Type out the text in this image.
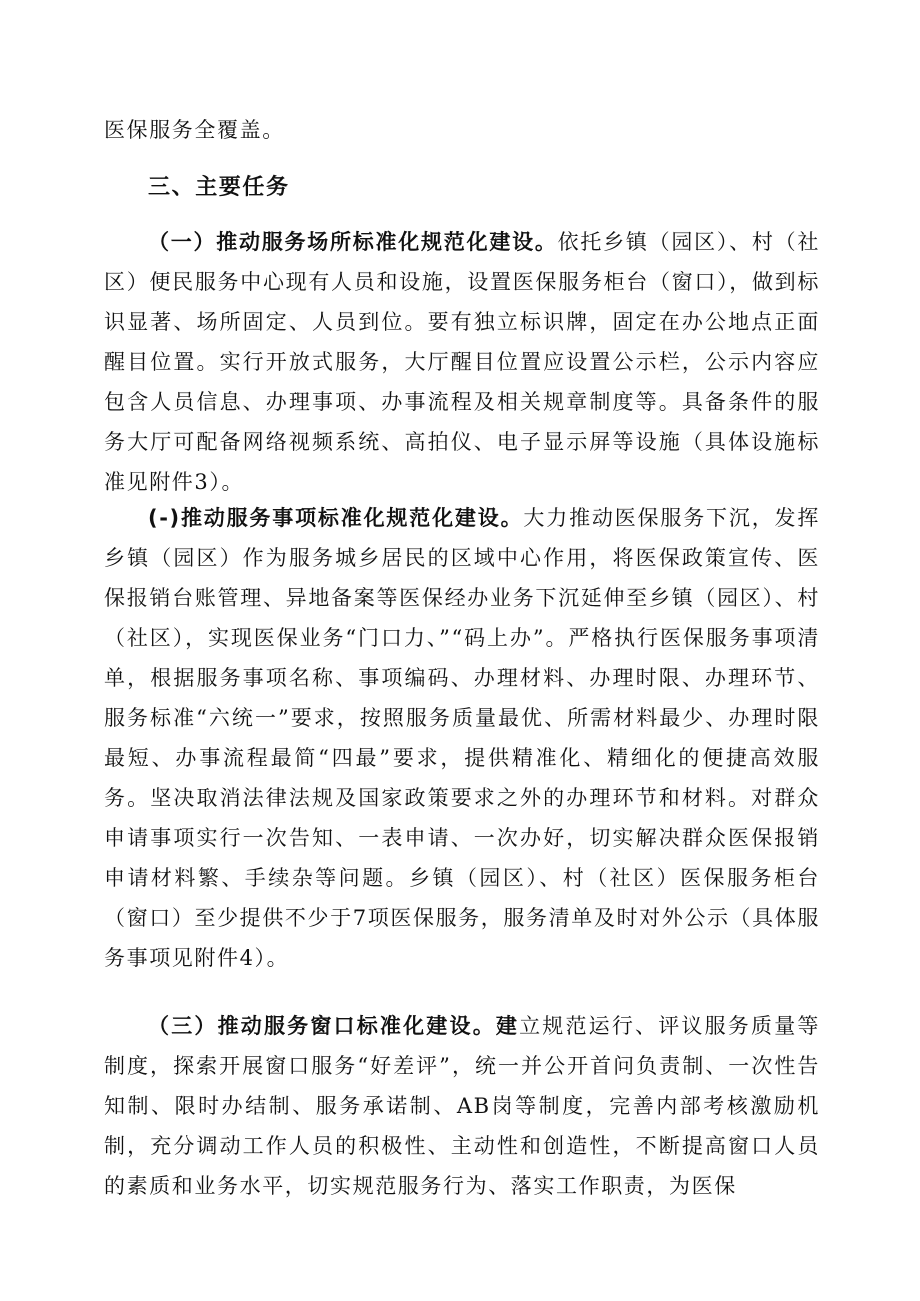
医保服务全覆盖。
三、主要任务
（一）推动服务场所标准化规范化建设。依托乡镇（园区）、村（社区）便民服务中心现有人员和设施，设置医保服务柜台（窗口），做到标识显著、场所固定、人员到位。要有独立标识牌，固定在办公地点正面醒目位置。实行开放式服务，大厅醒目位置应设置公示栏，公示内容应包含人员信息、办理事项、办事流程及相关规章制度等。具备条件的服务大厅可配备网络视频系统、高拍仪、电子显示屏等设施（具体设施标准见附件3）。
(-)推动服务事项标准化规范化建设。大力推动医保服务下沉，发挥乡镇（园区）作为服务城乡居民的区域中心作用，将医保政策宣传、医保报销台账管理、异地备案等医保经办业务下沉延伸至乡镇（园区）、村（社区），实现医保业务“门口力、”“码上办”。严格执行医保服务事项清单，根据服务事项名称、事项编码、办理材料、办理时限、办理环节、服务标准“六统一”要求，按照服务质量最优、所需材料最少、办理时限最短、办事流程最简“四最”要求，提供精准化、精细化的便捷高效服务。坚决取消法律法规及国家政策要求之外的办理环节和材料。对群众申请事项实行一次告知、一表申请、一次办好，切实解决群众医保报销申请材料繁、手续杂等问题。乡镇（园区）、村（社区）医保服务柜台（窗口）至少提供不少于7项医保服务，服务清单及时对外公示（具体服务事项见附件4）。
（三）推动服务窗口标准化建设。建立规范运行、评议服务质量等制度，探索开展窗口服务“好差评”，统一并公开首问负责制、一次性告知制、限时办结制、服务承诺制、AB岗等制度，完善内部考核激励机制，充分调动工作人员的积极性、主动性和创造性，不断提高窗口人员的素质和业务水平，切实规范服务行为、落实工作职责，为医保
